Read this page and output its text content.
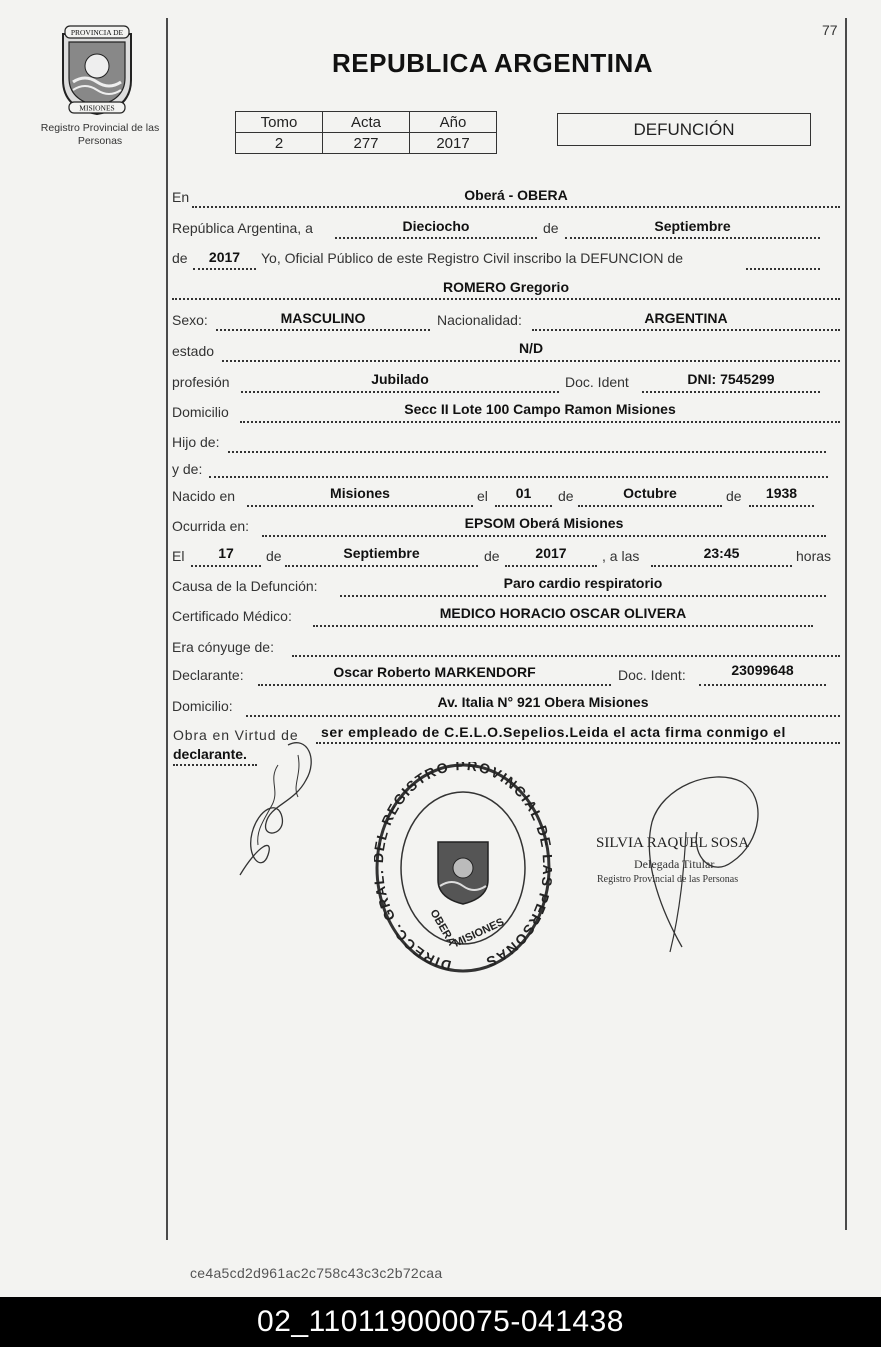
77
PROVINCIA DE
MISIONES
Registro Provincial de las Personas
REPUBLICA ARGENTINA
Tomo	Acta	Año
2	277	2017
DEFUNCIÓN
En	Oberá - OBERA
República Argentina, a	Dieciocho	de	Septiembre
de	2017	Yo, Oficial Público de este Registro Civil inscribo la DEFUNCION de
ROMERO Gregorio
Sexo:	MASCULINO	Nacionalidad:	ARGENTINA
estado	N/D
profesión	Jubilado	Doc. Ident	DNI: 7545299
Domicilio	Secc II Lote 100 Campo Ramon Misiones
Hijo de:
y de:
Nacido en	Misiones	el	01	de	Octubre	de	1938
Ocurrida en:	EPSOM Oberá Misiones
El	17	de	Septiembre	de	2017	, a las	23:45	horas
Causa de la Defunción:	Paro cardio respiratorio
Certificado Médico:	MEDICO HORACIO OSCAR OLIVERA
Era cónyuge de:
Declarante:	Oscar Roberto MARKENDORF	Doc. Ident:	23099648
Domicilio:	Av. Italia N° 921 Obera Misiones
Obra en Virtud de ser empleado de C.E.L.O.Sepelios.Leida el acta firma conmigo el
declarante.
DIRECC. GR L REGISTRO PROVINCIAL D PERSONAS
OBERA
MISIONES
SILVIA RAQUEL SOSA
Delegada Titular
Registro Provincial de las Personas
ce4a5cd2d961ac2c758c43c3c2b72caa
02_110119000075-041438
